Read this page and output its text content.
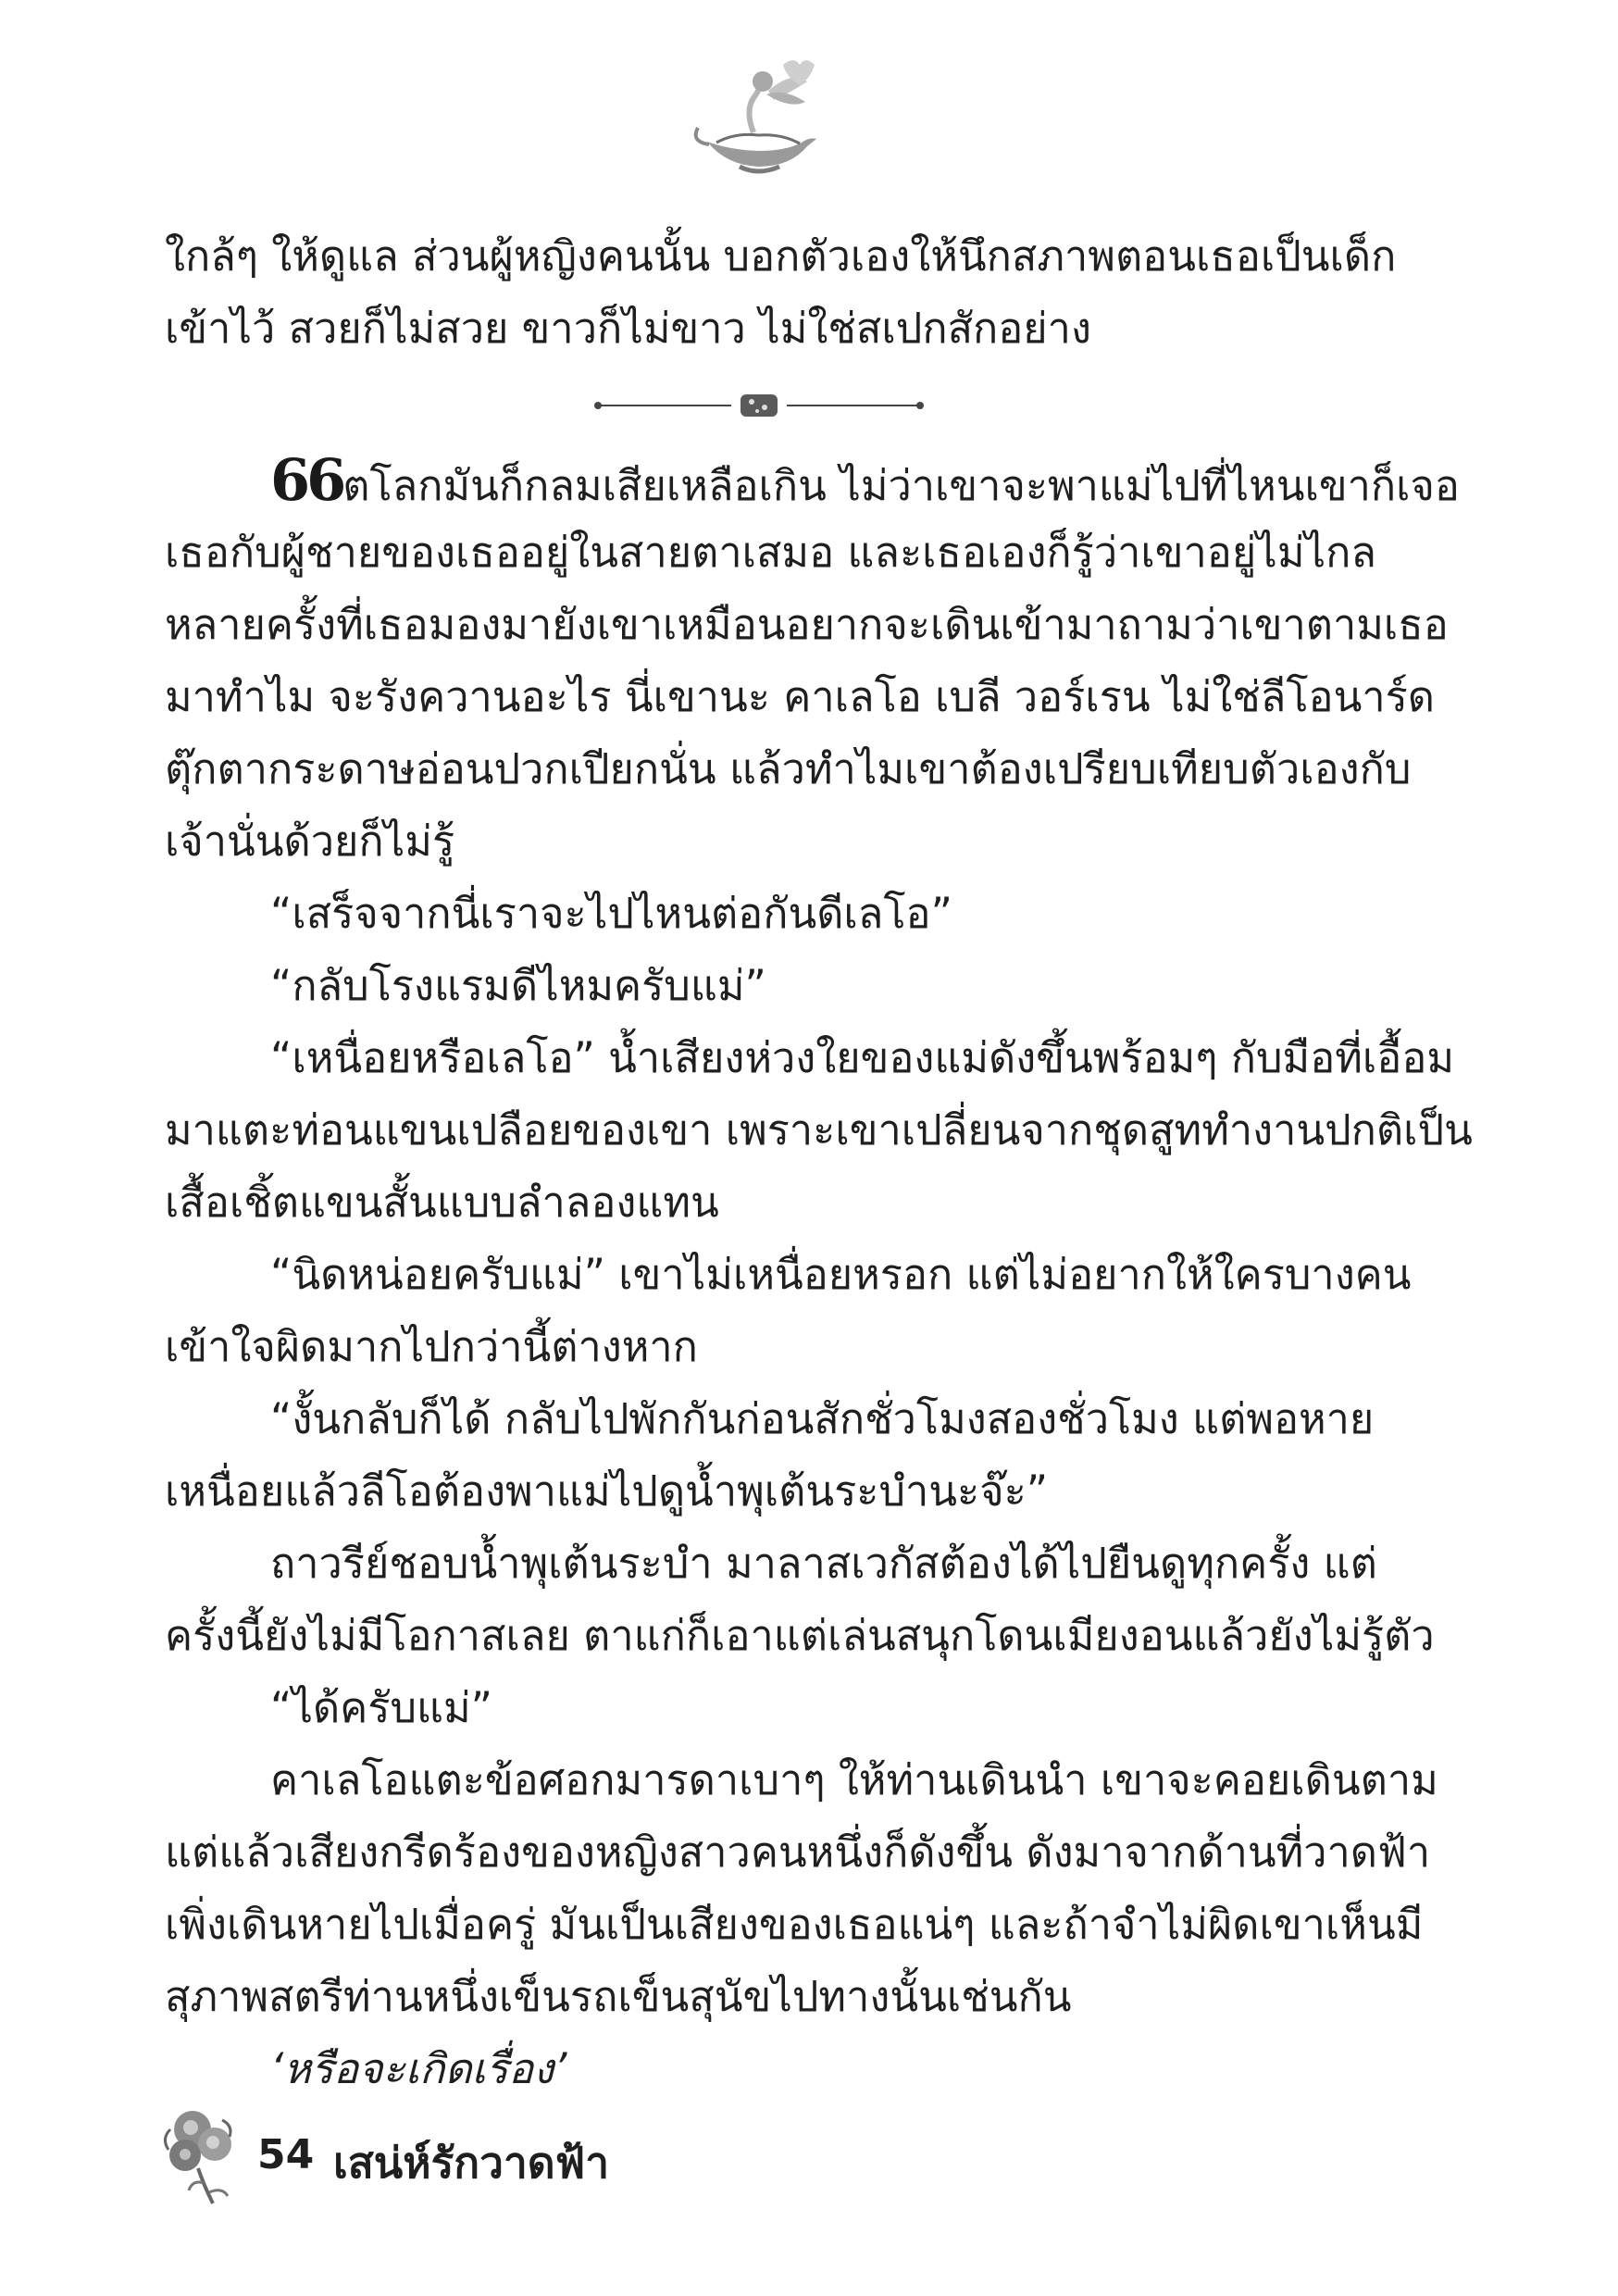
ใกล้ๆ ให้ดูแล ส่วนผู้หญิงคนนั้น บอกตัวเองให้นึกสภาพตอนเธอเป็นเด็ก
เข้าไว้ สวยก็ไม่สวย ขาวก็ไม่ขาว ไม่ใช่สเปกสักอย่าง
66ตโลกมันก็กลมเสียเหลือเกิน ไม่ว่าเขาจะพาแม่ไปที่ไหนเขาก็เจอ
เธอกับผู้ชายของเธออยู่ในสายตาเสมอ และเธอเองก็รู้ว่าเขาอยู่ไม่ไกล
หลายครั้งที่เธอมองมายังเขาเหมือนอยากจะเดินเข้ามาถามว่าเขาตามเธอ
มาทำไม จะรังควานอะไร นี่เขานะ คาเลโอ เบลี วอร์เรน ไม่ใช่ลีโอนาร์ด
ตุ๊กตากระดาษอ่อนปวกเปียกนั่น แล้วทำไมเขาต้องเปรียบเทียบตัวเองกับ
เจ้านั่นด้วยก็ไม่รู้
“เสร็จจากนี่เราจะไปไหนต่อกันดีเลโอ”
“กลับโรงแรมดีไหมครับแม่”
“เหนื่อยหรือเลโอ” น้ำเสียงห่วงใยของแม่ดังขึ้นพร้อมๆ กับมือที่เอื้อม
มาแตะท่อนแขนเปลือยของเขา เพราะเขาเปลี่ยนจากชุดสูททำงานปกติเป็น
เสื้อเชิ้ตแขนสั้นแบบลำลองแทน
“นิดหน่อยครับแม่” เขาไม่เหนื่อยหรอก แต่ไม่อยากให้ใครบางคน
เข้าใจผิดมากไปกว่านี้ต่างหาก
“งั้นกลับก็ได้ กลับไปพักกันก่อนสักชั่วโมงสองชั่วโมง แต่พอหาย
เหนื่อยแล้วลีโอต้องพาแม่ไปดูน้ำพุเต้นระบำนะจ๊ะ”
ถาวรีย์ชอบน้ำพุเต้นระบำ มาลาสเวกัสต้องได้ไปยืนดูทุกครั้ง แต่
ครั้งนี้ยังไม่มีโอกาสเลย ตาแก่ก็เอาแต่เล่นสนุกโดนเมียงอนแล้วยังไม่รู้ตัว
“ได้ครับแม่”
คาเลโอแตะข้อศอกมารดาเบาๆ ให้ท่านเดินนำ เขาจะคอยเดินตาม
แต่แล้วเสียงกรีดร้องของหญิงสาวคนหนึ่งก็ดังขึ้น ดังมาจากด้านที่วาดฟ้า
เพิ่งเดินหายไปเมื่อครู่ มันเป็นเสียงของเธอแน่ๆ และถ้าจำไม่ผิดเขาเห็นมี
สุภาพสตรีท่านหนึ่งเข็นรถเข็นสุนัขไปทางนั้นเช่นกัน
‘หรือจะเกิดเรื่อง’
54 เสน่ห์รักวาดฟ้า
